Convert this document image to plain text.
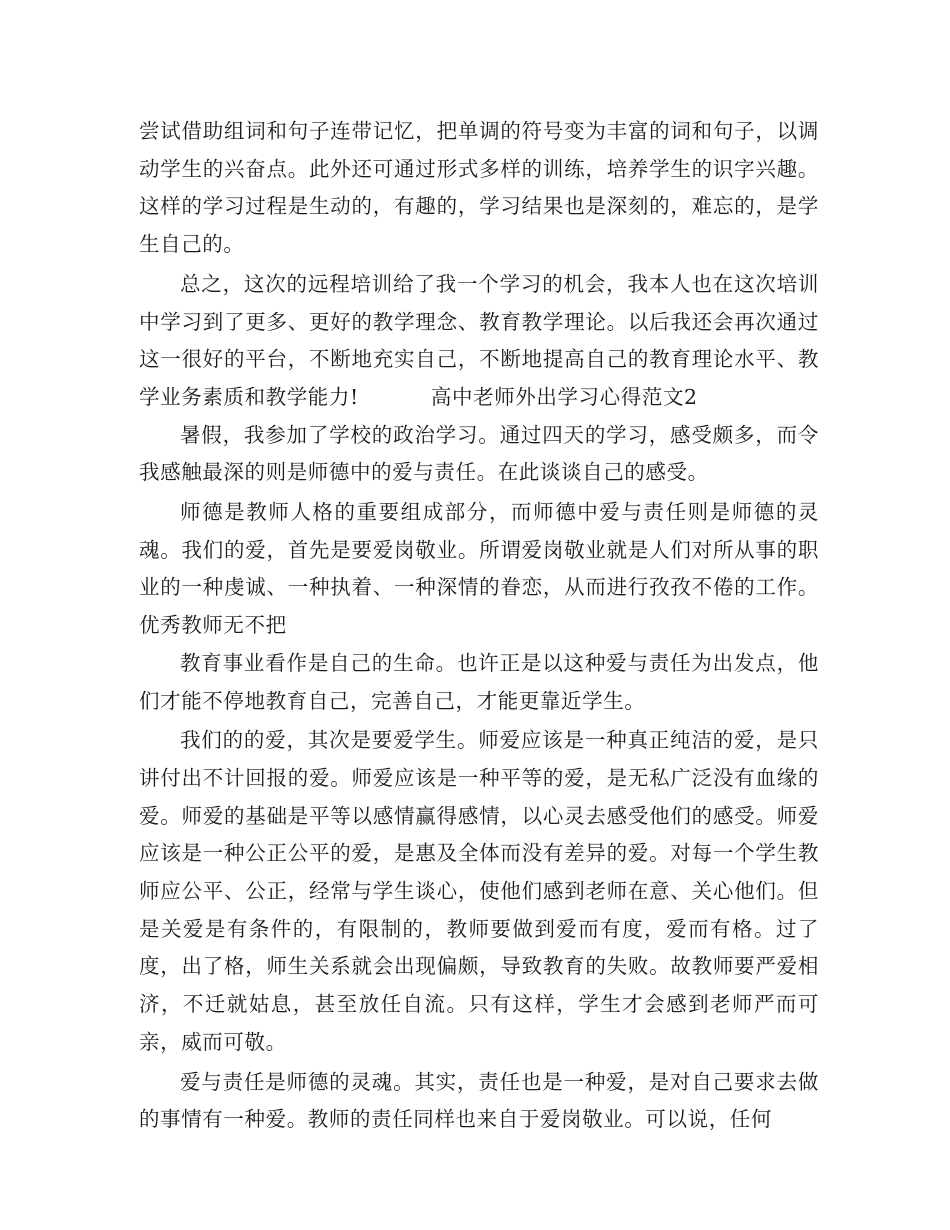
尝试借助组词和句子连带记忆，把单调的符号变为丰富的词和句子，以调动学生的兴奋点。此外还可通过形式多样的训练，培养学生的识字兴趣。这样的学习过程是生动的，有趣的，学习结果也是深刻的，难忘的，是学生自己的。

总之，这次的远程培训给了我一个学习的机会，我本人也在这次培训中学习到了更多、更好的教学理念、教育教学理论。以后我还会再次通过这一很好的平台，不断地充实自己，不断地提高自己的教育理论水平、教学业务素质和教学能力!	高中老师外出学习心得范文2

暑假，我参加了学校的政治学习。通过四天的学习，感受颇多，而令我感触最深的则是师德中的爱与责任。在此谈谈自己的感受。

师德是教师人格的重要组成部分，而师德中爱与责任则是师德的灵魂。我们的爱，首先是要爱岗敬业。所谓爱岗敬业就是人们对所从事的职业的一种虔诚、一种执着、一种深情的眷恋，从而进行孜孜不倦的工作。优秀教师无不把

教育事业看作是自己的生命。也许正是以这种爱与责任为出发点，他们才能不停地教育自己，完善自己，才能更靠近学生。

我们的的爱，其次是要爱学生。师爱应该是一种真正纯洁的爱，是只讲付出不计回报的爱。师爱应该是一种平等的爱，是无私广泛没有血缘的爱。师爱的基础是平等以感情赢得感情，以心灵去感受他们的感受。师爱应该是一种公正公平的爱，是惠及全体而没有差异的爱。对每一个学生教师应公平、公正，经常与学生谈心，使他们感到老师在意、关心他们。但是关爱是有条件的，有限制的，教师要做到爱而有度，爱而有格。过了度，出了格，师生关系就会出现偏颇，导致教育的失败。故教师要严爱相济，不迁就姑息，甚至放任自流。只有这样，学生才会感到老师严而可亲，威而可敬。

爱与责任是师德的灵魂。其实，责任也是一种爱，是对自己要求去做的事情有一种爱。教师的责任同样也来自于爱岗敬业。可以说，任何
